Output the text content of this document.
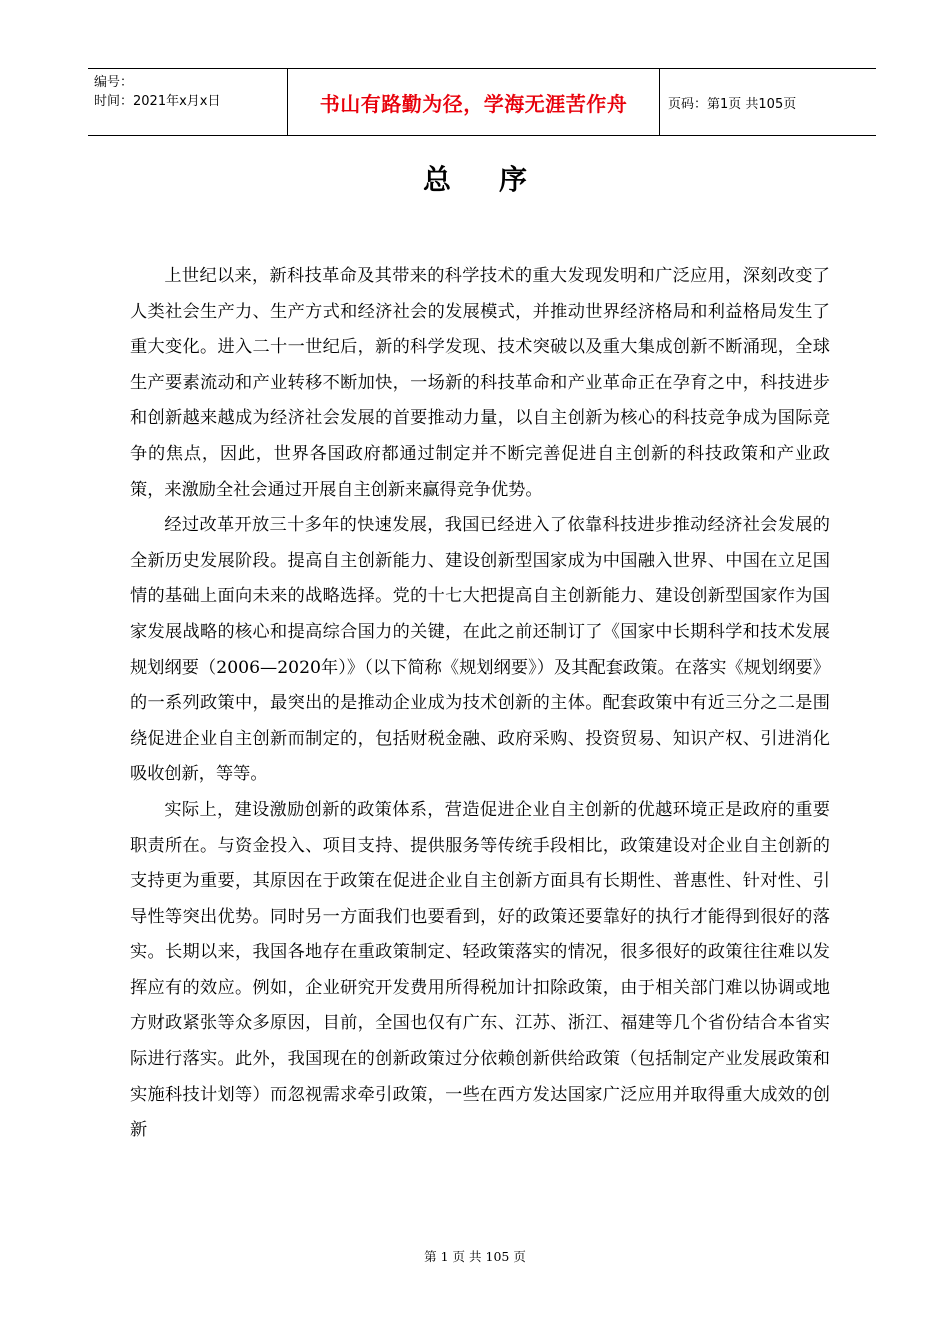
编号：
时间：2021年x月x日	书山有路勤为径，学海无涯苦作舟	页码：第1页 共105页
总序

上世纪以来，新科技革命及其带来的科学技术的重大发现发明和广泛应用，深刻改变了人类社会生产力、生产方式和经济社会的发展模式，并推动世界经济格局和利益格局发生了重大变化。进入二十一世纪后，新的科学发现、技术突破以及重大集成创新不断涌现，全球生产要素流动和产业转移不断加快，一场新的科技革命和产业革命正在孕育之中，科技进步和创新越来越成为经济社会发展的首要推动力量，以自主创新为核心的科技竞争成为国际竞争的焦点，因此，世界各国政府都通过制定并不断完善促进自主创新的科技政策和产业政策，来激励全社会通过开展自主创新来赢得竞争优势。

经过改革开放三十多年的快速发展，我国已经进入了依靠科技进步推动经济社会发展的全新历史发展阶段。提高自主创新能力、建设创新型国家成为中国融入世界、中国在立足国情的基础上面向未来的战略选择。党的十七大把提高自主创新能力、建设创新型国家作为国家发展战略的核心和提高综合国力的关键，在此之前还制订了《国家中长期科学和技术发展规划纲要（2006—2020年）》（以下简称《规划纲要》）及其配套政策。在落实《规划纲要》的一系列政策中，最突出的是推动企业成为技术创新的主体。配套政策中有近三分之二是围绕促进企业自主创新而制定的，包括财税金融、政府采购、投资贸易、知识产权、引进消化吸收创新，等等。

实际上，建设激励创新的政策体系，营造促进企业自主创新的优越环境正是政府的重要职责所在。与资金投入、项目支持、提供服务等传统手段相比，政策建设对企业自主创新的支持更为重要，其原因在于政策在促进企业自主创新方面具有长期性、普惠性、针对性、引导性等突出优势。同时另一方面我们也要看到，好的政策还要靠好的执行才能得到很好的落实。长期以来，我国各地存在重政策制定、轻政策落实的情况，很多很好的政策往往难以发挥应有的效应。例如，企业研究开发费用所得税加计扣除政策，由于相关部门难以协调或地方财政紧张等众多原因，目前，全国也仅有广东、江苏、浙江、福建等几个省份结合本省实际进行落实。此外，我国现在的创新政策过分依赖创新供给政策（包括制定产业发展政策和实施科技计划等）而忽视需求牵引政策，一些在西方发达国家广泛应用并取得重大成效的创新

第 1 页 共 105 页
